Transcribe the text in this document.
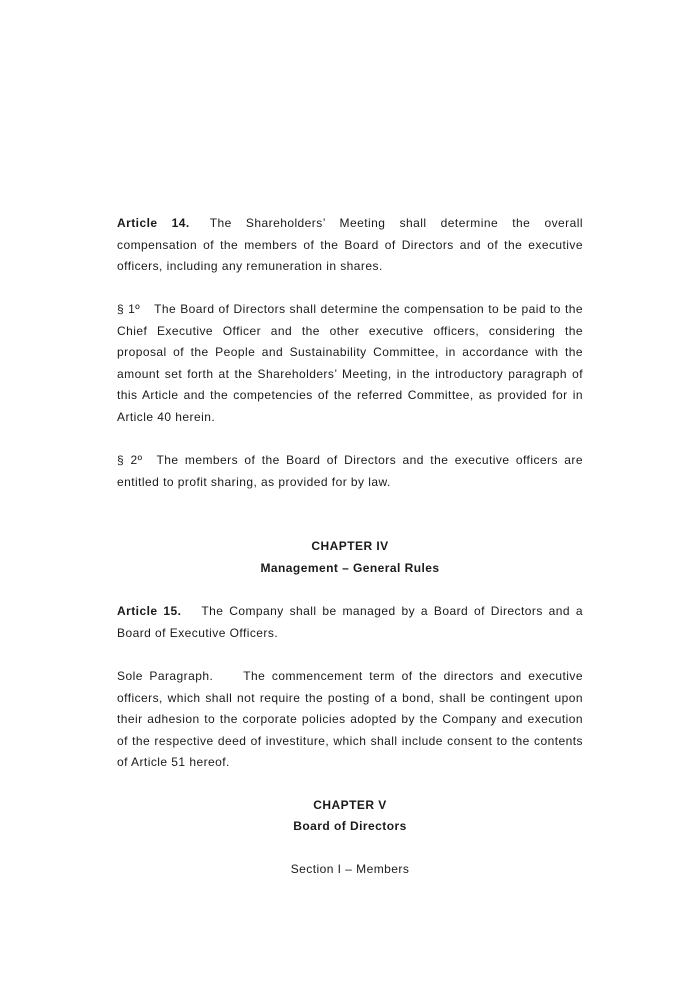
Article 14. The Shareholders’ Meeting shall determine the overall compensation of the members of the Board of Directors and of the executive officers, including any remuneration in shares.
§ 1º The Board of Directors shall determine the compensation to be paid to the Chief Executive Officer and the other executive officers, considering the proposal of the People and Sustainability Committee, in accordance with the amount set forth at the Shareholders’ Meeting, in the introductory paragraph of this Article and the competencies of the referred Committee, as provided for in Article 40 herein.
§ 2º The members of the Board of Directors and the executive officers are entitled to profit sharing, as provided for by law.
CHAPTER IV
Management – General Rules
Article 15. The Company shall be managed by a Board of Directors and a Board of Executive Officers.
Sole Paragraph.	The commencement term of the directors and executive officers, which shall not require the posting of a bond, shall be contingent upon their adhesion to the corporate policies adopted by the Company and execution of the respective deed of investiture, which shall include consent to the contents of Article 51 hereof.
CHAPTER V
Board of Directors
Section I – Members
